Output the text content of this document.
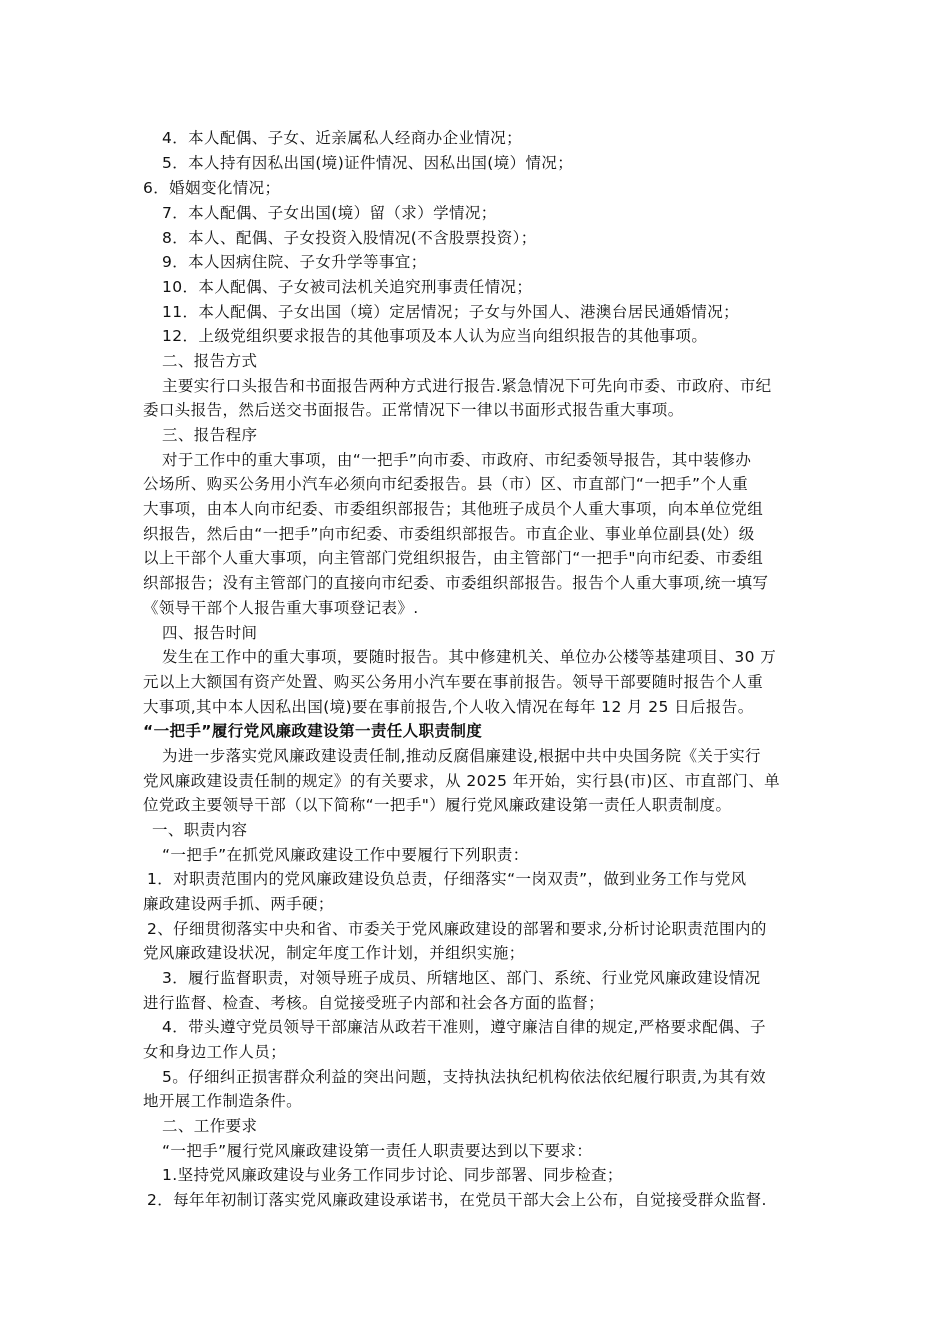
4．本人配偶、子女、近亲属私人经商办企业情况；
5．本人持有因私出国(境)证件情况、因私出国(境）情况；
6．婚姻变化情况；
7．本人配偶、子女出国(境）留（求）学情况；
8．本人、配偶、子女投资入股情况(不含股票投资）；
9．本人因病住院、子女升学等事宜；
10．本人配偶、子女被司法机关追究刑事责任情况；
11．本人配偶、子女出国（境）定居情况；子女与外国人、港澳台居民通婚情况；
12．上级党组织要求报告的其他事项及本人认为应当向组织报告的其他事项。
二、报告方式
主要实行口头报告和书面报告两种方式进行报告.紧急情况下可先向市委、市政府、市纪
委口头报告，然后送交书面报告。正常情况下一律以书面形式报告重大事项。
三、报告程序
对于工作中的重大事项，由“一把手”向市委、市政府、市纪委领导报告，其中装修办
公场所、购买公务用小汽车必须向市纪委报告。县（市）区、市直部门“一把手”个人重
大事项，由本人向市纪委、市委组织部报告；其他班子成员个人重大事项，向本单位党组
织报告，然后由“一把手”向市纪委、市委组织部报告。市直企业、事业单位副县(处）级
以上干部个人重大事项，向主管部门党组织报告，由主管部门“一把手"向市纪委、市委组
织部报告；没有主管部门的直接向市纪委、市委组织部报告。报告个人重大事项,统一填写
《领导干部个人报告重大事项登记表》.
四、报告时间
发生在工作中的重大事项，要随时报告。其中修建机关、单位办公楼等基建项目、30 万
元以上大额国有资产处置、购买公务用小汽车要在事前报告。领导干部要随时报告个人重
大事项,其中本人因私出国(境)要在事前报告,个人收入情况在每年 12 月 25 日后报告。
“一把手”履行党风廉政建设第一责任人职责制度
为进一步落实党风廉政建设责任制,推动反腐倡廉建设,根据中共中央国务院《关于实行
党风廉政建设责任制的规定》的有关要求，从 2025 年开始，实行县(市)区、市直部门、单
位党政主要领导干部（以下简称“一把手"）履行党风廉政建设第一责任人职责制度。
一、职责内容
“一把手”在抓党风廉政建设工作中要履行下列职责：
1．对职责范围内的党风廉政建设负总责，仔细落实“一岗双责”，做到业务工作与党风
廉政建设两手抓、两手硬；
2、仔细贯彻落实中央和省、市委关于党风廉政建设的部署和要求,分析讨论职责范围内的
党风廉政建设状况，制定年度工作计划，并组织实施；
3．履行监督职责，对领导班子成员、所辖地区、部门、系统、行业党风廉政建设情况
进行监督、检查、考核。自觉接受班子内部和社会各方面的监督；
4．带头遵守党员领导干部廉洁从政若干准则，遵守廉洁自律的规定,严格要求配偶、子
女和身边工作人员；
5。仔细纠正损害群众利益的突出问题，支持执法执纪机构依法依纪履行职责,为其有效
地开展工作制造条件。
二、工作要求
“一把手”履行党风廉政建设第一责任人职责要达到以下要求：
1.坚持党风廉政建设与业务工作同步讨论、同步部署、同步检查；
2．每年年初制订落实党风廉政建设承诺书，在党员干部大会上公布，自觉接受群众监督.
